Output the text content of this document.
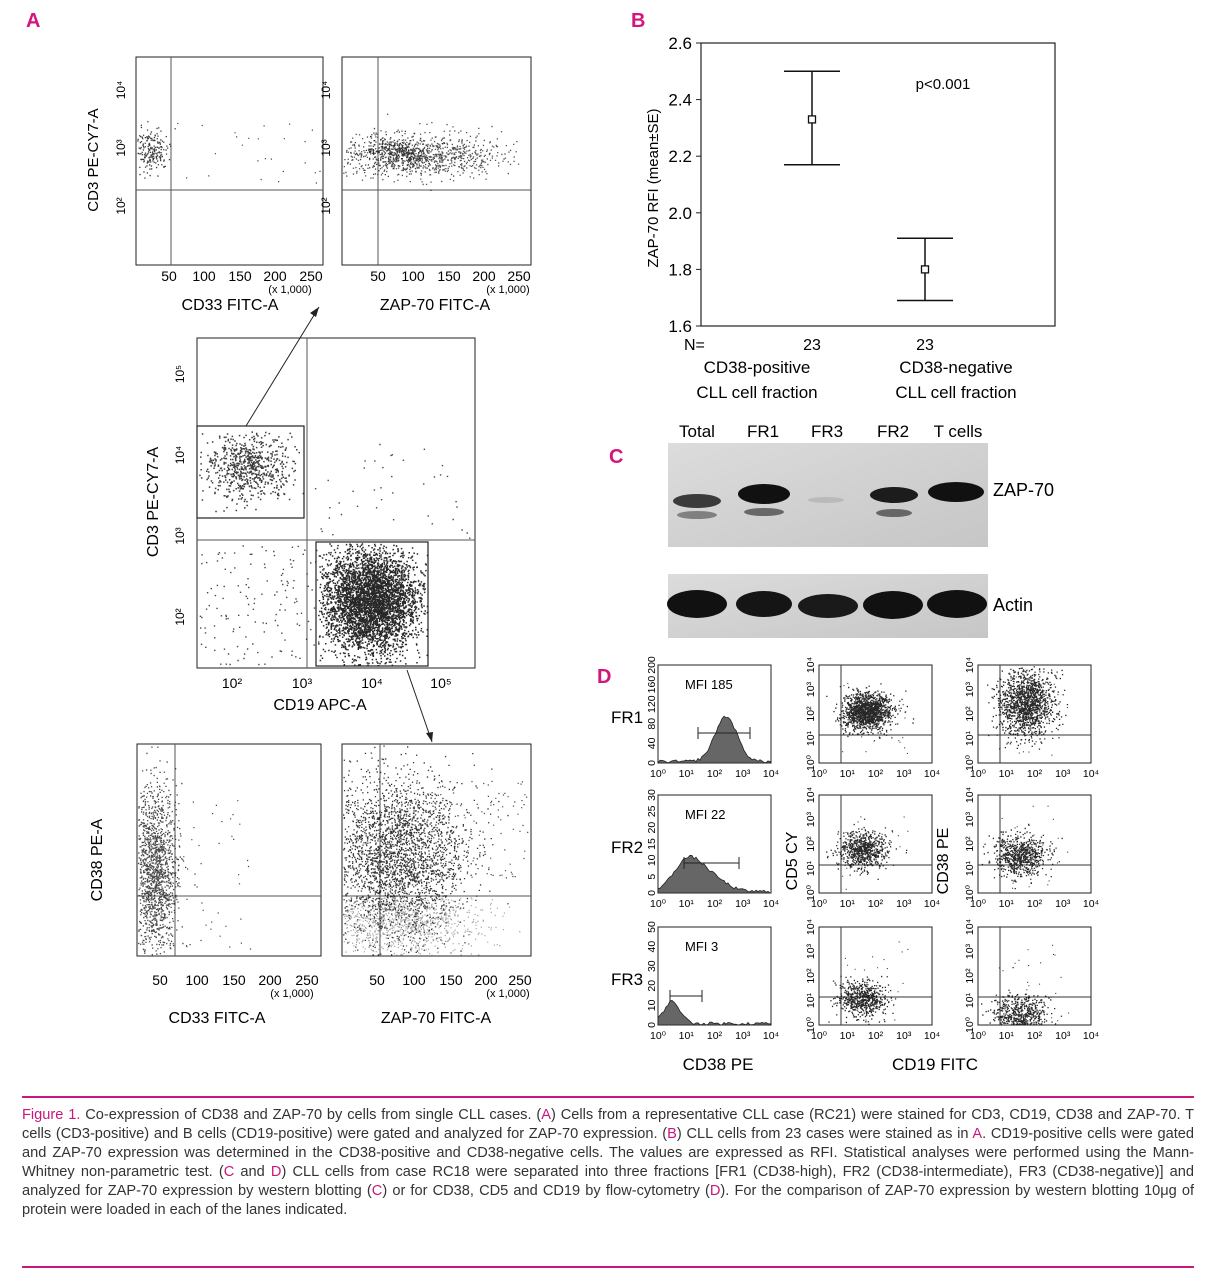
A	B
C
D
CD3 PE-CY7-A
10⁴
10³
10²
50 100 150 200 250
(x 1,000)
CD33 FITC-A
10⁴
10³
10²
50 100 150 200 250
(x 1,000)
ZAP-70 FITC-A
CD3 PE-CY7-A
10⁵
10⁴
10³
10²
10²	10³	10⁴	10⁵
CD19 APC-A
CD38 PE-A
50 100 150 200 250
(x 1,000)
CD33 FITC-A
50 100 150 200 250
(x 1,000)
ZAP-70 FITC-A
2.6
2.4
2.2
2.0
1.8
1.6
ZAP-70 RFI (mean±SE)
p<0.001
N=	23	23
CD38-positive
CLL cell fraction
CD38-negative
CLL cell fraction
Total FR1 FR3 FR2 T cells
ZAP-70
Actin
FR1
FR2
FR3
MFI 185
MFI 22
MFI 3
CD5 CY	CD38 PE
CD38 PE	CD19 FITC
10⁰ 10¹ 10² 10³ 10⁴
0
40
80
120
160
200
10⁰ 10¹ 10² 10³ 10⁴
10⁰
10¹
10²
10³
10⁴
10⁰ 10¹ 10² 10³ 10⁴
10⁰
10¹
10²
10³
10⁴
10⁰ 10¹ 10² 10³ 10⁴
0
5
10
15
20
25
30
10⁰ 10¹ 10² 10³ 10⁴
10⁰
10¹
10²
10³
10⁴
10⁰ 10¹ 10² 10³ 10⁴
10⁰
10¹
10²
10³
10⁴
10⁰ 10¹ 10² 10³ 10⁴
0
10
20
30
40
50
10⁰ 10¹ 10² 10³ 10⁴
10⁰
10¹
10²
10³
10⁴
10⁰ 10¹ 10² 10³ 10⁴
10⁰
10¹
10²
10³
10⁴
Figure 1. Co-expression of CD38 and ZAP-70 by cells from single CLL cases. (A) Cells from a representative CLL case (RC21) were stained for CD3, CD19, CD38 and ZAP-70. T cells (CD3-positive) and B cells (CD19-positive) were gated and analyzed for ZAP-70 expression. (B) CLL cells from 23 cases were stained as in A. CD19-positive cells were gated and ZAP-70 expression was determined in the CD38-positive and CD38-negative cells. The values are expressed as RFI. Statistical analyses were performed using the Mann-Whitney non-parametric test. (C and D) CLL cells from case RC18 were separated into three fractions [FR1 (CD38-high), FR2 (CD38-intermediate), FR3 (CD38-negative)] and analyzed for ZAP-70 expression by western blotting (C) or for CD38, CD5 and CD19 by flow-cytometry (D). For the comparison of ZAP-70 expression by western blotting 10μg of protein were loaded in each of the lanes indicated.
